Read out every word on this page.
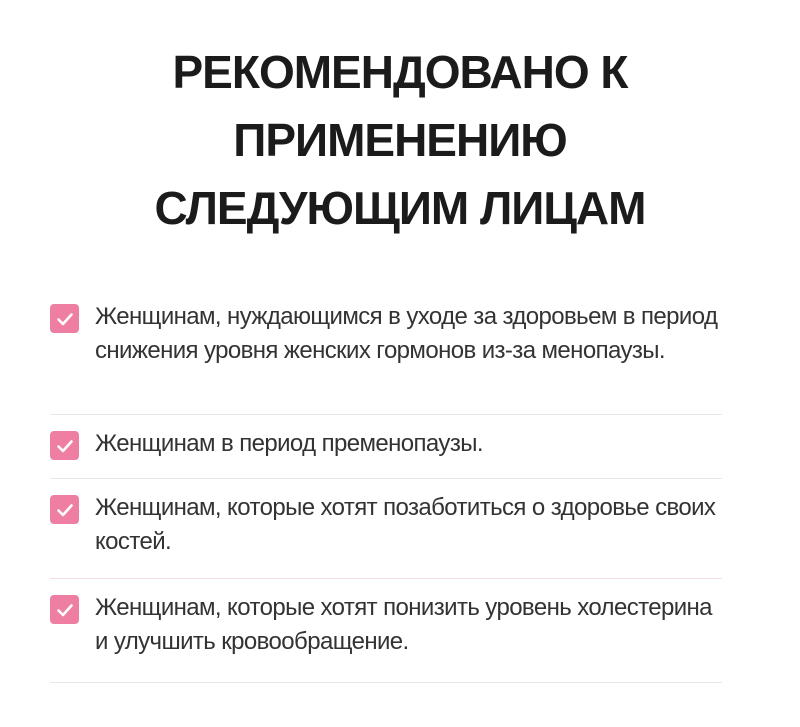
РЕКОМЕНДОВАНО К
ПРИМЕНЕНИЮ
СЛЕДУЮЩИМ ЛИЦАМ
Женщинам, нуждающимся в уходе за здоровьем в период снижения уровня женских гормонов из-за менопаузы.
Женщинам в период пременопаузы.
Женщинам, которые хотят позаботиться о здоровье своих костей.
Женщинам, которые хотят понизить уровень холестерина и улучшить кровообращение.
